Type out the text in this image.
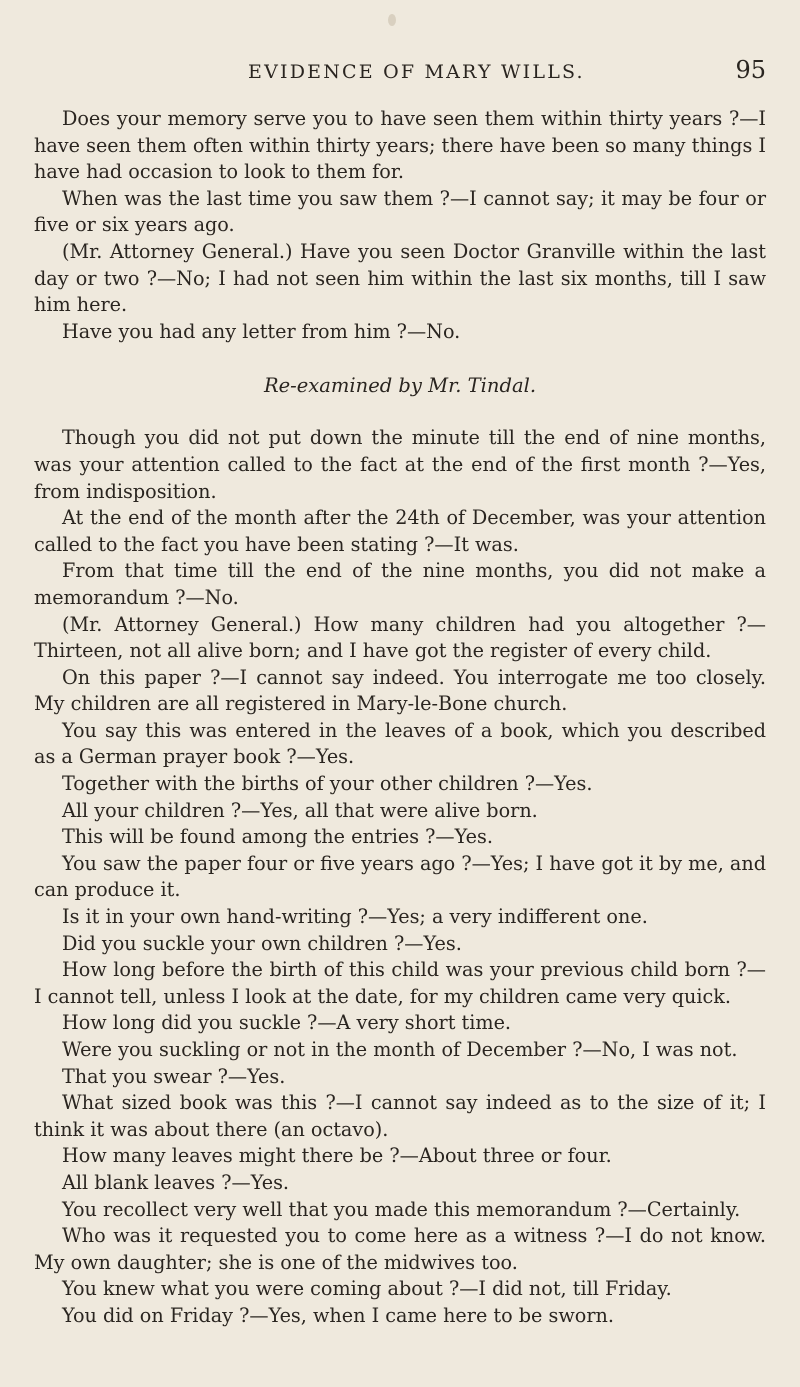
EVIDENCE OF MARY WILLS.	95

Does your memory serve you to have seen them within thirty years ?—I have seen them often within thirty years; there have been so many things I have had occasion to look to them for.

When was the last time you saw them ?—I cannot say; it may be four or five or six years ago.

(Mr. Attorney General.) Have you seen Doctor Granville within the last day or two ?—No; I had not seen him within the last six months, till I saw him here.

Have you had any letter from him ?—No.

Re-examined by Mr. Tindal.

Though you did not put down the minute till the end of nine months, was your attention called to the fact at the end of the first month ?—Yes, from indisposition.

At the end of the month after the 24th of December, was your attention called to the fact you have been stating ?—It was.

From that time till the end of the nine months, you did not make a memorandum ?—No.

(Mr. Attorney General.) How many children had you altogether ?—Thirteen, not all alive born; and I have got the register of every child.

On this paper ?—I cannot say indeed. You interrogate me too closely. My children are all registered in Mary-le-Bone church.

You say this was entered in the leaves of a book, which you described as a German prayer book ?—Yes.

Together with the births of your other children ?—Yes.

All your children ?—Yes, all that were alive born.

This will be found among the entries ?—Yes.

You saw the paper four or five years ago ?—Yes; I have got it by me, and can produce it.

Is it in your own hand-writing ?—Yes; a very indifferent one.

Did you suckle your own children ?—Yes.

How long before the birth of this child was your previous child born ?—I cannot tell, unless I look at the date, for my children came very quick.

How long did you suckle ?—A very short time.

Were you suckling or not in the month of December ?—No, I was not.

That you swear ?—Yes.

What sized book was this ?—I cannot say indeed as to the size of it; I think it was about there (an octavo).

How many leaves might there be ?—About three or four.

All blank leaves ?—Yes.

You recollect very well that you made this memorandum ?—Certainly.

Who was it requested you to come here as a witness ?—I do not know. My own daughter; she is one of the midwives too.

You knew what you were coming about ?—I did not, till Friday.

You did on Friday ?—Yes, when I came here to be sworn.
